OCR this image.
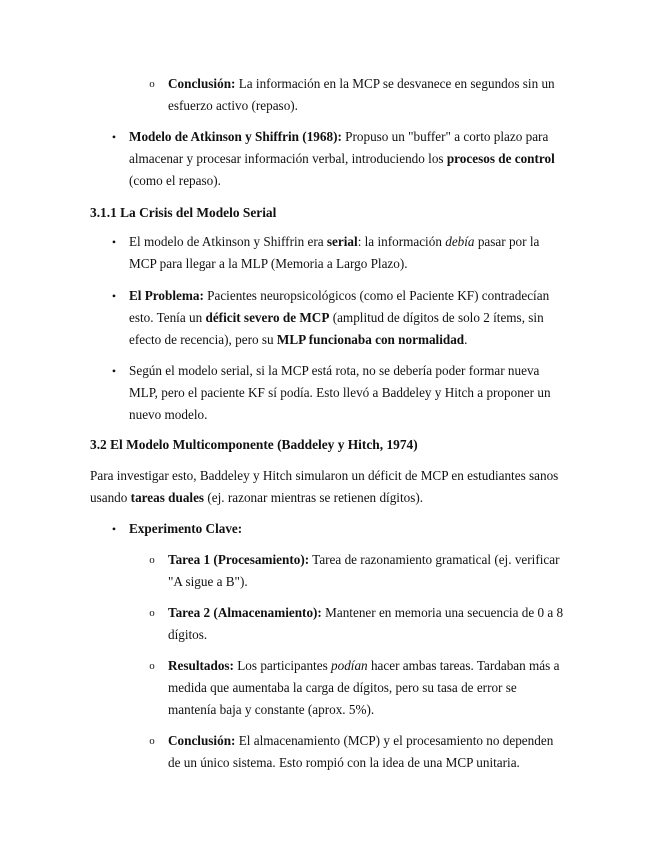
o Conclusión: La información en la MCP se desvanece en segundos sin un esfuerzo activo (repaso).
• Modelo de Atkinson y Shiffrin (1968): Propuso un "buffer" a corto plazo para almacenar y procesar información verbal, introduciendo los procesos de control (como el repaso).
3.1.1 La Crisis del Modelo Serial
• El modelo de Atkinson y Shiffrin era serial: la información debía pasar por la MCP para llegar a la MLP (Memoria a Largo Plazo).
• El Problema: Pacientes neuropsicológicos (como el Paciente KF) contradecían esto. Tenía un déficit severo de MCP (amplitud de dígitos de solo 2 ítems, sin efecto de recencia), pero su MLP funcionaba con normalidad.
• Según el modelo serial, si la MCP está rota, no se debería poder formar nueva MLP, pero el paciente KF sí podía. Esto llevó a Baddeley y Hitch a proponer un nuevo modelo.
3.2 El Modelo Multicomponente (Baddeley y Hitch, 1974)
Para investigar esto, Baddeley y Hitch simularon un déficit de MCP en estudiantes sanos usando tareas duales (ej. razonar mientras se retienen dígitos).
• Experimento Clave:
o Tarea 1 (Procesamiento): Tarea de razonamiento gramatical (ej. verificar "A sigue a B").
o Tarea 2 (Almacenamiento): Mantener en memoria una secuencia de 0 a 8 dígitos.
o Resultados: Los participantes podían hacer ambas tareas. Tardaban más a medida que aumentaba la carga de dígitos, pero su tasa de error se mantenía baja y constante (aprox. 5%).
o Conclusión: El almacenamiento (MCP) y el procesamiento no dependen de un único sistema. Esto rompió con la idea de una MCP unitaria.
